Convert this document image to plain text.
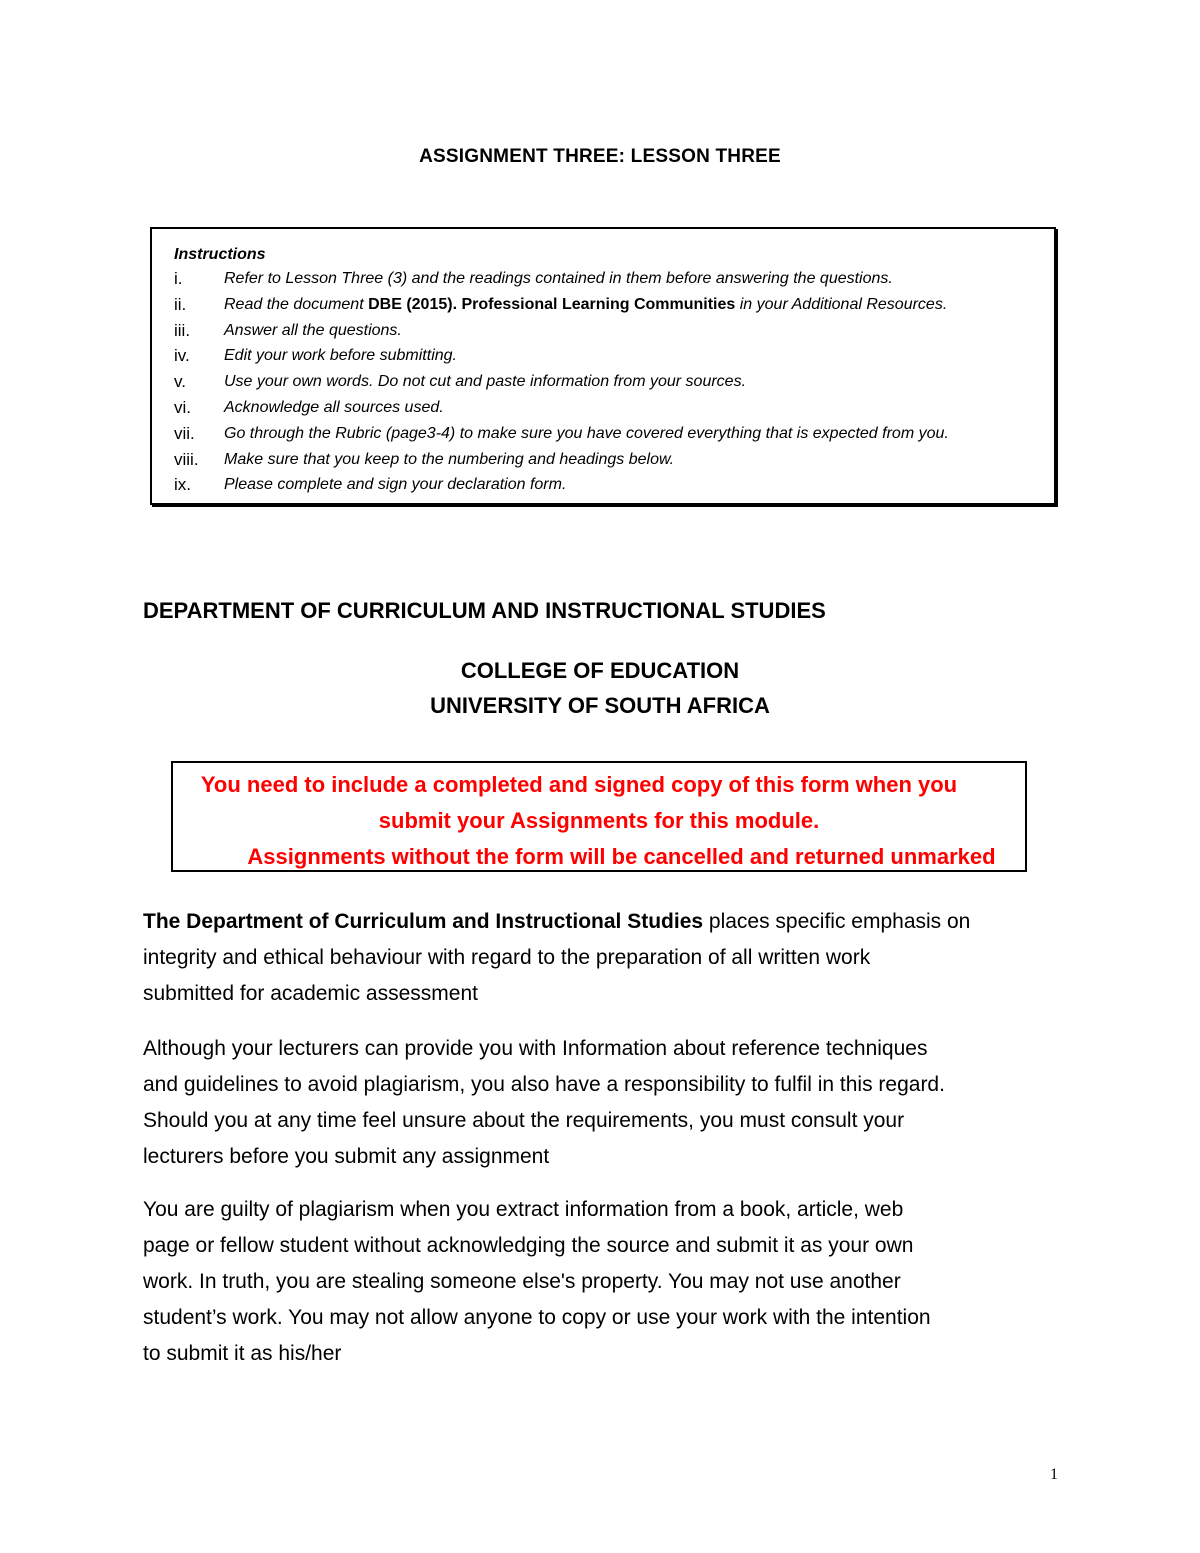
ASSIGNMENT THREE: LESSON THREE
Instructions
i.	Refer to Lesson Three (3) and the readings contained in them before answering the questions.
ii.	Read the document DBE (2015). Professional Learning Communities in your Additional Resources.
iii.	Answer all the questions.
iv.	Edit your work before submitting.
v.	Use your own words. Do not cut and paste information from your sources.
vi.	Acknowledge all sources used.
vii.	Go through the Rubric (page3-4) to make sure you have covered everything that is expected from you.
viii.	Make sure that you keep to the numbering and headings below.
ix.	Please complete and sign your declaration form.
DEPARTMENT OF CURRICULUM AND INSTRUCTIONAL STUDIES
COLLEGE OF EDUCATION
UNIVERSITY OF SOUTH AFRICA
You need to include a completed and signed copy of this form when you
submit your Assignments for this module.
Assignments without the form will be cancelled and returned unmarked
The Department of Curriculum and Instructional Studies places specific emphasis on
integrity and ethical behaviour with regard to the preparation of all written work
submitted for academic assessment
Although your lecturers can provide you with Information about reference techniques
and guidelines to avoid plagiarism, you also have a responsibility to fulfil in this regard.
Should you at any time feel unsure about the requirements, you must consult your
lecturers before you submit any assignment
You are guilty of plagiarism when you extract information from a book, article, web
page or fellow student without acknowledging the source and submit it as your own
work. In truth, you are stealing someone else's property. You may not use another
student’s work. You may not allow anyone to copy or use your work with the intention
to submit it as his/her
1
